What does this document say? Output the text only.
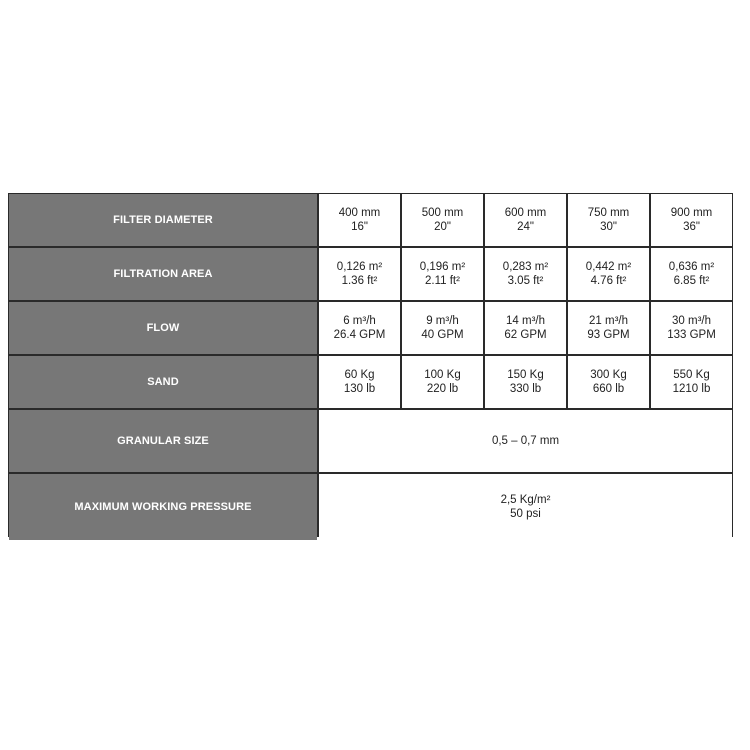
FILTER DIAMETER
400 mm
16"
500 mm
20"
600 mm
24"
750 mm
30"
900 mm
36"
FILTRATION AREA
0,126 m²
1.36 ft²
0,196 m²
2.11 ft²
0,283 m²
3.05 ft²
0,442 m²
4.76 ft²
0,636 m²
6.85 ft²
FLOW
6 m³/h
26.4 GPM
9 m³/h
40 GPM
14 m³/h
62 GPM
21 m³/h
93 GPM
30 m³/h
133 GPM
SAND
60 Kg
130 lb
100 Kg
220 lb
150 Kg
330 lb
300 Kg
660 lb
550 Kg
1210 lb
GRANULAR SIZE	0,5 – 0,7 mm
MAXIMUM WORKING PRESSURE
2,5 Kg/m²
50 psi
